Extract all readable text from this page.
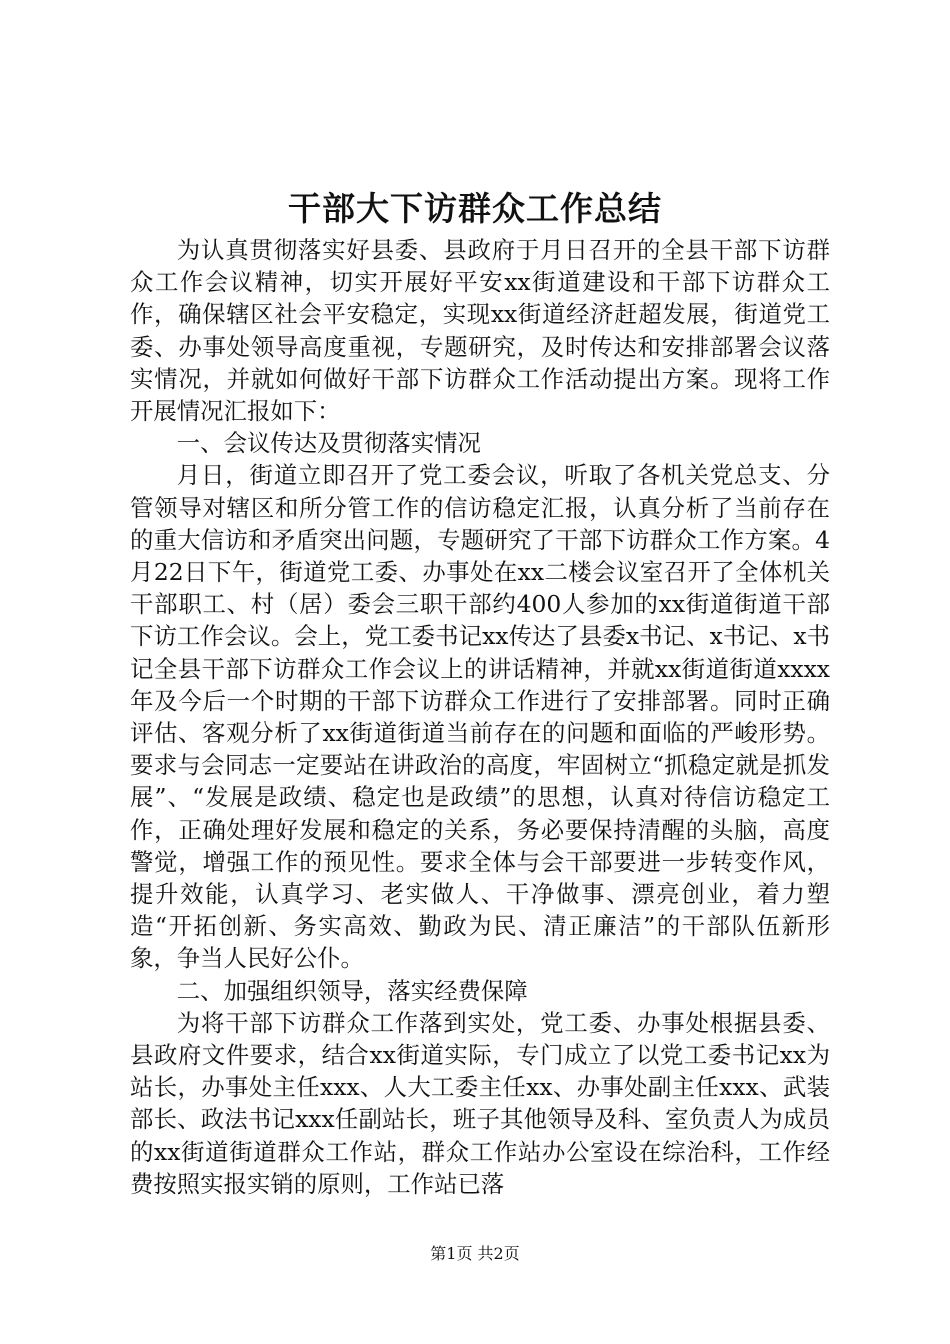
干部大下访群众工作总结

为认真贯彻落实好县委、县政府于月日召开的全县干部下访群众工作会议精神，切实开展好平安xx街道建设和干部下访群众工作，确保辖区社会平安稳定，实现xx街道经济赶超发展，街道党工委、办事处领导高度重视，专题研究，及时传达和安排部署会议落实情况，并就如何做好干部下访群众工作活动提出方案。现将工作开展情况汇报如下：

一、会议传达及贯彻落实情况

月日，街道立即召开了党工委会议，听取了各机关党总支、分管领导对辖区和所分管工作的信访稳定汇报，认真分析了当前存在的重大信访和矛盾突出问题，专题研究了干部下访群众工作方案。4月22日下午，街道党工委、办事处在xx二楼会议室召开了全体机关干部职工、村（居）委会三职干部约400人参加的xx街道街道干部下访工作会议。会上，党工委书记xx传达了县委x书记、x书记、x书记全县干部下访群众工作会议上的讲话精神，并就xx街道街道xxxx年及今后一个时期的干部下访群众工作进行了安排部署。同时正确评估、客观分析了xx街道街道当前存在的问题和面临的严峻形势。要求与会同志一定要站在讲政治的高度，牢固树立“抓稳定就是抓发展”、“发展是政绩、稳定也是政绩”的思想，认真对待信访稳定工作，正确处理好发展和稳定的关系，务必要保持清醒的头脑，高度警觉，增强工作的预见性。要求全体与会干部要进一步转变作风，提升效能，认真学习、老实做人、干净做事、漂亮创业，着力塑造“开拓创新、务实高效、勤政为民、清正廉洁”的干部队伍新形象，争当人民好公仆。

二、加强组织领导，落实经费保障

为将干部下访群众工作落到实处，党工委、办事处根据县委、县政府文件要求，结合xx街道实际，专门成立了以党工委书记xx为站长，办事处主任xxx、人大工委主任xx、办事处副主任xxx、武装部长、政法书记xxx任副站长，班子其他领导及科、室负责人为成员的xx街道街道群众工作站，群众工作站办公室设在综治科，工作经费按照实报实销的原则，工作站已落

第1页 共2页
